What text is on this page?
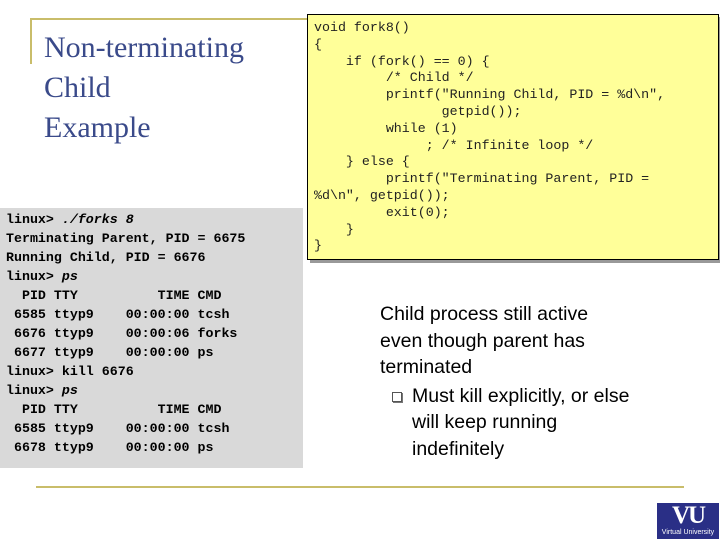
Non-terminating
Child
Example
void fork8()
{
if (fork() == 0) {
/* Child */
printf("Running Child, PID = %d\n",
getpid());
while (1)
; /* Infinite loop */
} else {
printf("Terminating Parent, PID =
%d\n", getpid());
exit(0);
}
}
linux> ./forks 8
Terminating Parent, PID = 6675
Running Child, PID = 6676
linux> ps
PID TTY          TIME CMD
6585 ttyp9    00:00:00 tcsh
6676 ttyp9    00:00:06 forks
6677 ttyp9    00:00:00 ps
linux> kill 6676
linux> ps
PID TTY          TIME CMD
6585 ttyp9    00:00:00 tcsh
6678 ttyp9    00:00:00 ps
Child process still active
even though parent has
terminated
Must kill explicitly, or else
will keep running
indefinitely
VU
Virtual University
